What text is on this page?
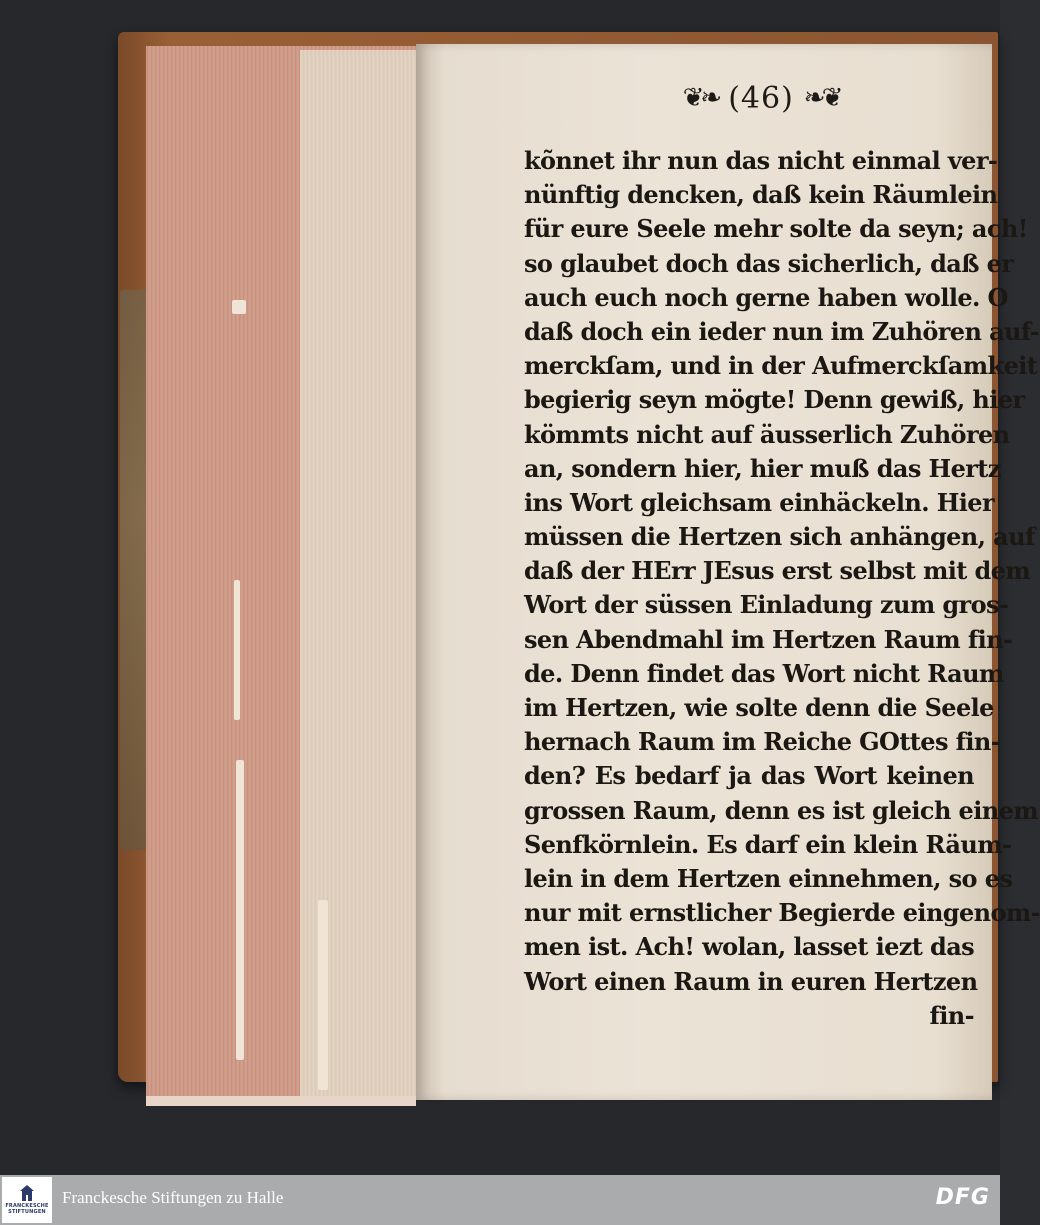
❦❧ (46) ❧❦
kõnnet ihr nun das nicht einmal ver-
nünftig dencken, daß kein Räumlein
für eure Seele mehr solte da seyn; ach!
so glaubet doch das sicherlich, daß er
auch euch noch gerne haben wolle. O
daß doch ein ieder nun im Zuhören auf-
merckſam, und in der Aufmerckſamkeit
begierig seyn mögte! Denn gewiß, hier
kömmts nicht auf äusserlich Zuhören
an, sondern hier, hier muß das Hertz
ins Wort gleichsam einhäckeln. Hier
müssen die Hertzen sich anhängen, auf
daß der HErr JEsus erst selbst mit dem
Wort der süssen Einladung zum gros-
sen Abendmahl im Hertzen Raum fin-
de. Denn findet das Wort nicht Raum
im Hertzen, wie solte denn die Seele
hernach Raum im Reiche GOttes fin-
den? Es bedarf ja das Wort keinen
grossen Raum, denn es ist gleich einem
Senfkörnlein. Es darf ein klein Räum-
lein in dem Hertzen einnehmen, so es
nur mit ernstlicher Begierde eingenom-
men ist. Ach! wolan, lasset iezt das
Wort einen Raum in euren Hertzen
fin-
FRANCKESCHE
STIFTUNGEN
Franckesche Stiftungen zu Halle	DFG
